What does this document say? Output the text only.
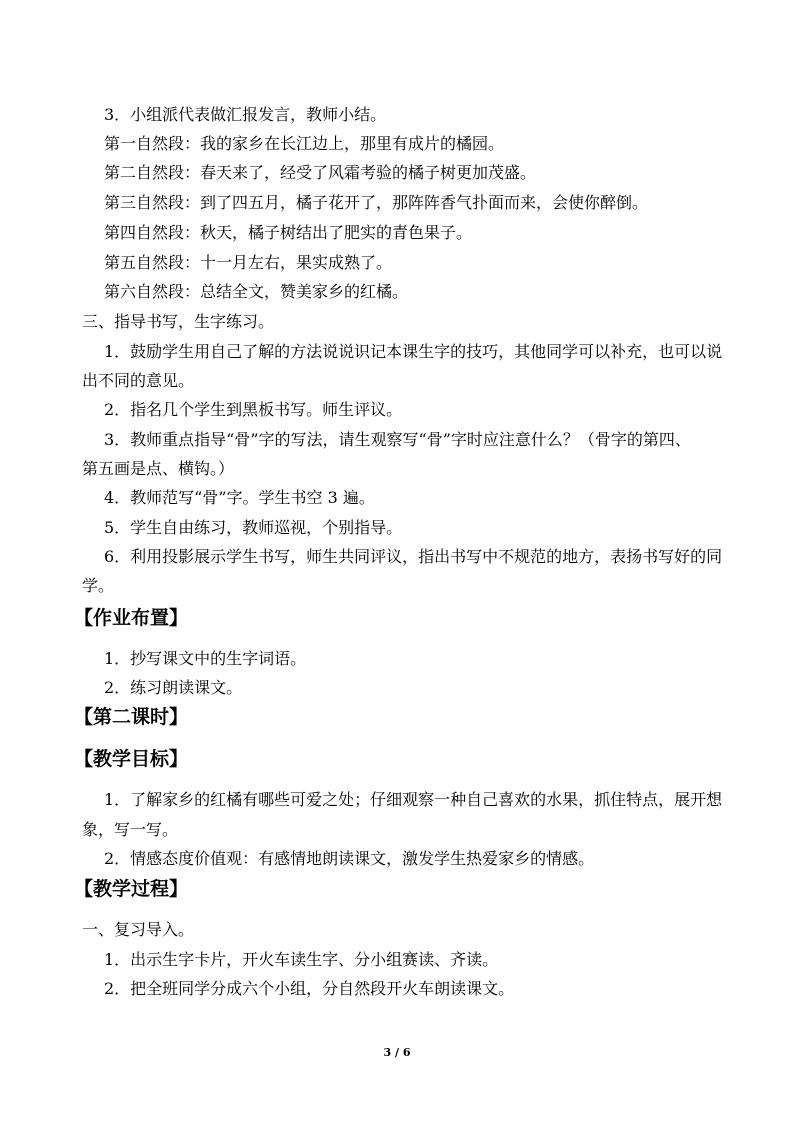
3．小组派代表做汇报发言，教师小结。
第一自然段：我的家乡在长江边上，那里有成片的橘园。
第二自然段：春天来了，经受了风霜考验的橘子树更加茂盛。
第三自然段：到了四五月，橘子花开了，那阵阵香气扑面而来，会使你醉倒。
第四自然段：秋天，橘子树结出了肥实的青色果子。
第五自然段：十一月左右，果实成熟了。
第六自然段：总结全文，赞美家乡的红橘。
三、指导书写，生字练习。
1．鼓励学生用自己了解的方法说说识记本课生字的技巧，其他同学可以补充，也可以说
出不同的意见。
2．指名几个学生到黑板书写。师生评议。
3．教师重点指导“骨”字的写法，请生观察写“骨”字时应注意什么？（骨字的第四、
第五画是点、横钩。）
4．教师范写“骨”字。学生书空 3 遍。
5．学生自由练习，教师巡视，个别指导。
6．利用投影展示学生书写，师生共同评议，指出书写中不规范的地方，表扬书写好的同
学。
【作业布置】
1．抄写课文中的生字词语。
2．练习朗读课文。
【第二课时】
【教学目标】
1．了解家乡的红橘有哪些可爱之处；仔细观察一种自己喜欢的水果，抓住特点，展开想
象，写一写。
2．情感态度价值观：有感情地朗读课文，激发学生热爱家乡的情感。
【教学过程】
一、复习导入。
1．出示生字卡片，开火车读生字、分小组赛读、齐读。
2．把全班同学分成六个小组，分自然段开火车朗读课文。
3 / 6
